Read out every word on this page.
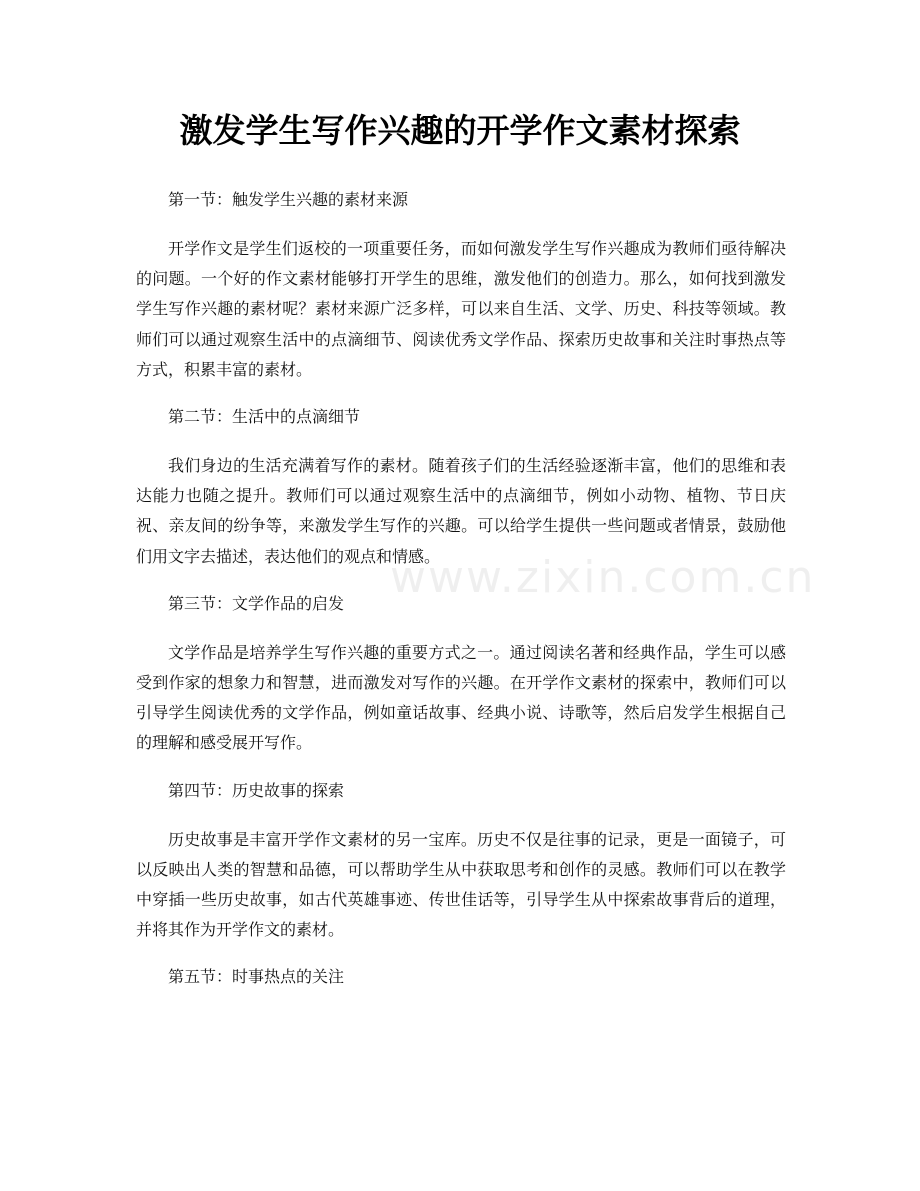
激发学生写作兴趣的开学作文素材探索
www.zixin.com.cn

第一节：触发学生兴趣的素材来源

开学作文是学生们返校的一项重要任务，而如何激发学生写作兴趣成为教师们亟待解决的问题。一个好的作文素材能够打开学生的思维，激发他们的创造力。那么，如何找到激发学生写作兴趣的素材呢？素材来源广泛多样，可以来自生活、文学、历史、科技等领域。教师们可以通过观察生活中的点滴细节、阅读优秀文学作品、探索历史故事和关注时事热点等方式，积累丰富的素材。

第二节：生活中的点滴细节

我们身边的生活充满着写作的素材。随着孩子们的生活经验逐渐丰富，他们的思维和表达能力也随之提升。教师们可以通过观察生活中的点滴细节，例如小动物、植物、节日庆祝、亲友间的纷争等，来激发学生写作的兴趣。可以给学生提供一些问题或者情景，鼓励他们用文字去描述，表达他们的观点和情感。

第三节：文学作品的启发

文学作品是培养学生写作兴趣的重要方式之一。通过阅读名著和经典作品，学生可以感受到作家的想象力和智慧，进而激发对写作的兴趣。在开学作文素材的探索中，教师们可以引导学生阅读优秀的文学作品，例如童话故事、经典小说、诗歌等，然后启发学生根据自己的理解和感受展开写作。

第四节：历史故事的探索

历史故事是丰富开学作文素材的另一宝库。历史不仅是往事的记录，更是一面镜子，可以反映出人类的智慧和品德，可以帮助学生从中获取思考和创作的灵感。教师们可以在教学中穿插一些历史故事，如古代英雄事迹、传世佳话等，引导学生从中探索故事背后的道理，并将其作为开学作文的素材。

第五节：时事热点的关注
